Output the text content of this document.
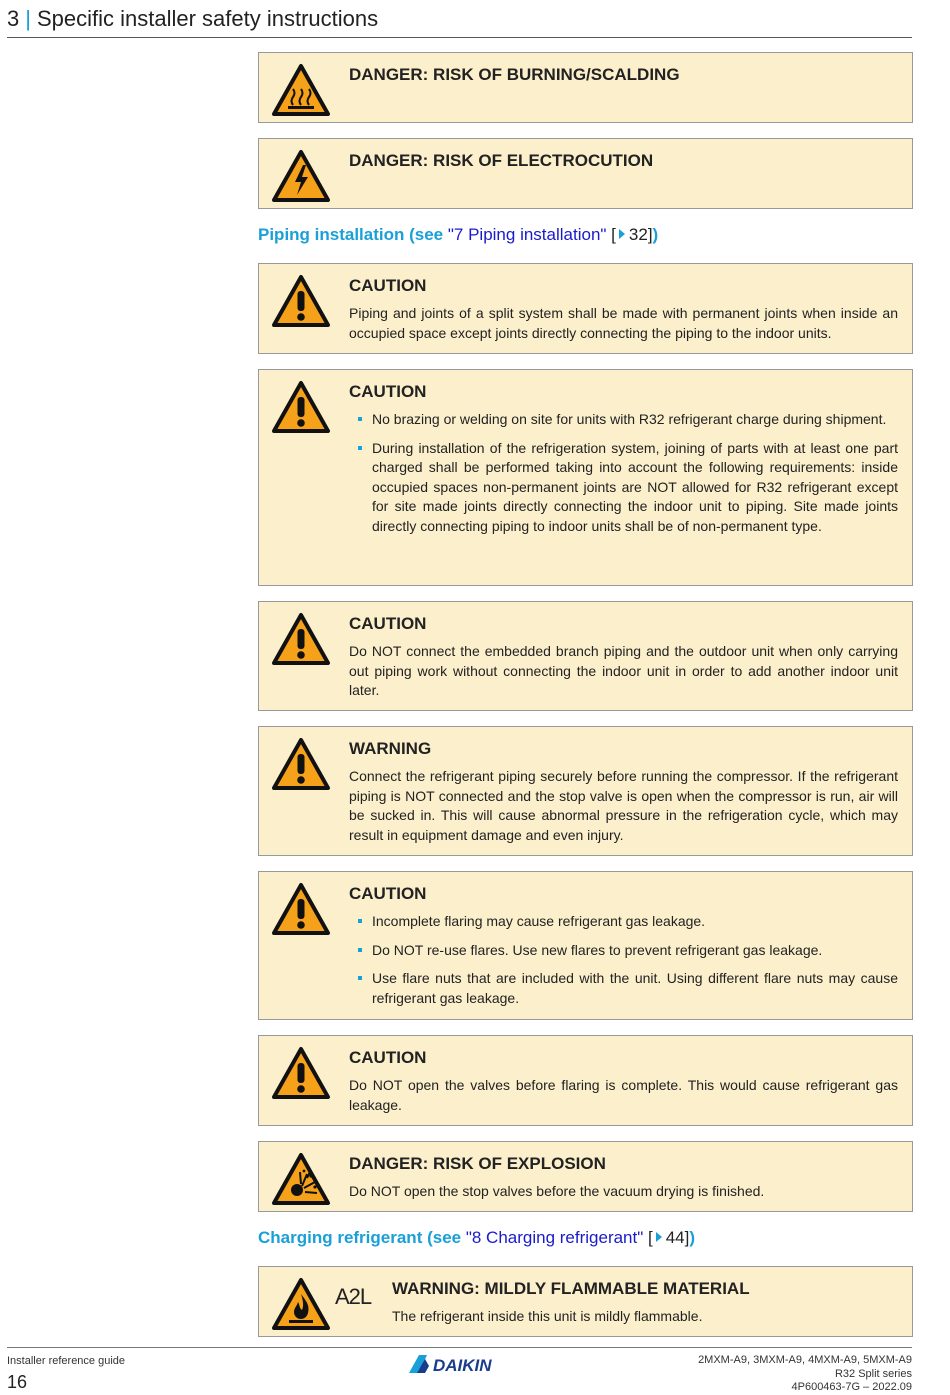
3 | Specific installer safety instructions
DANGER: RISK OF BURNING/SCALDING
DANGER: RISK OF ELECTROCUTION
Piping installation (see "7 Piping installation" [ 32])
CAUTION

Piping and joints of a split system shall be made with permanent joints when inside an occupied space except joints directly connecting the piping to the indoor units.

CAUTION
No brazing or welding on site for units with R32 refrigerant charge during shipment.
During installation of the refrigeration system, joining of parts with at least one part charged shall be performed taking into account the following requirements: inside occupied spaces non-permanent joints are NOT allowed for R32 refrigerant except for site made joints directly connecting the indoor unit to piping. Site made joints directly connecting piping to indoor units shall be of non-permanent type.
CAUTION

Do NOT connect the embedded branch piping and the outdoor unit when only carrying out piping work without connecting the indoor unit in order to add another indoor unit later.

WARNING

Connect the refrigerant piping securely before running the compressor. If the refrigerant piping is NOT connected and the stop valve is open when the compressor is run, air will be sucked in. This will cause abnormal pressure in the refrigeration cycle, which may result in equipment damage and even injury.

CAUTION
Incomplete flaring may cause refrigerant gas leakage.
Do NOT re-use flares. Use new flares to prevent refrigerant gas leakage.
Use flare nuts that are included with the unit. Using different flare nuts may cause refrigerant gas leakage.
CAUTION

Do NOT open the valves before flaring is complete. This would cause refrigerant gas leakage.

DANGER: RISK OF EXPLOSION

Do NOT open the stop valves before the vacuum drying is finished.

Charging refrigerant (see "8 Charging refrigerant" [ 44])
A2L WARNING: MILDLY FLAMMABLE MATERIAL

The refrigerant inside this unit is mildly flammable.

Installer reference guide
16
DAIKIN	2MXM-A9, 3MXM-A9, 4MXM-A9, 5MXM-A9
R32 Split series
4P600463-7G – 2022.09
